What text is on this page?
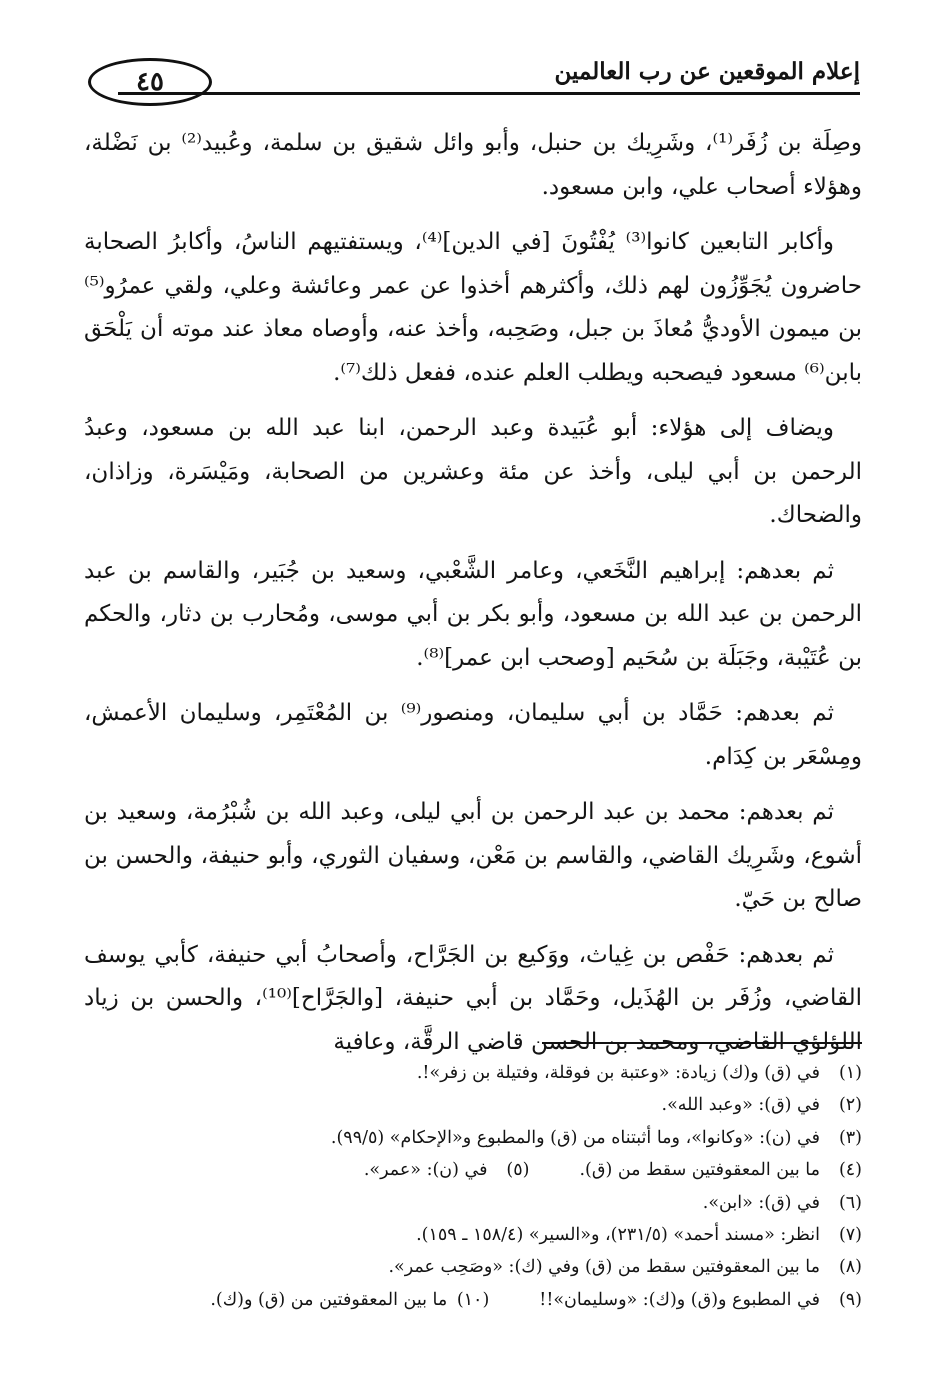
٤٥	إعلام الموقعين عن رب العالمين

وصِلَة بن زُفَر⁽¹⁾، وشَرِيك بن حنبل، وأبو وائل شقيق بن سلمة، وعُبيد⁽²⁾ بن نَضْلة، وهؤلاء أصحاب علي، وابن مسعود.

وأكابر التابعين كانوا⁽³⁾ يُفْتُونَ [في الدين]⁽⁴⁾، ويستفتيهم الناسُ، وأكابرُ الصحابة حاضرون يُجَوِّزُون لهم ذلك، وأكثرهم أخذوا عن عمر وعائشة وعلي، ولقي عمرُو⁽⁵⁾ بن ميمون الأوديُّ مُعاذَ بن جبل، وصَحِبه، وأخذ عنه، وأوصاه معاذ عند موته أن يَلْحَق بابن⁽⁶⁾ مسعود فيصحبه ويطلب العلم عنده، ففعل ذلك⁽⁷⁾.

ويضاف إلى هؤلاء: أبو عُبَيدة وعبد الرحمن، ابنا عبد الله بن مسعود، وعبدُ الرحمن بن أبي ليلى، وأخذ عن مئة وعشرين من الصحابة، ومَيْسَرة، وزاذان، والضحاك.

ثم بعدهم: إبراهيم النَّخَعي، وعامر الشَّعْبي، وسعيد بن جُبَير، والقاسم بن عبد الرحمن بن عبد الله بن مسعود، وأبو بكر بن أبي موسى، ومُحارب بن دثار، والحكم بن عُتَيْبة، وجَبَلَة بن سُحَيم [وصحب ابن عمر]⁽⁸⁾.

ثم بعدهم: حَمَّاد بن أبي سليمان، ومنصور⁽⁹⁾ بن المُعْتَمِر، وسليمان الأعمش، ومِسْعَر بن كِدَام.

ثم بعدهم: محمد بن عبد الرحمن بن أبي ليلى، وعبد الله بن شُبْرُمة، وسعيد بن أشوع، وشَرِيك القاضي، والقاسم بن مَعْن، وسفيان الثوري، وأبو حنيفة، والحسن بن صالح بن حَيّ.

ثم بعدهم: حَفْص بن غِياث، ووَكيع بن الجَرَّاح، وأصحابُ أبي حنيفة، كأبي يوسف القاضي، وزُفَر بن الهُذَيل، وحَمَّاد بن أبي حنيفة، [والجَرَّاح]⁽¹⁰⁾، والحسن بن زياد اللؤلؤي القاضي، ومحمد بن الحسن قاضي الرقَّة، وعافية

(١)
في (ق) و(ك) زيادة: «وعتبة بن فوقلة، وفتيلة بن زفر»!.
(٢)
في (ق): «وعبد الله».
(٣)
في (ن): «وكانوا»، وما أثبتناه من (ق) والمطبوع و«الإحكام» (٩٩/٥).
(٤)
ما بين المعقوفتين سقط من (ق).
(٥)
في (ن): «عمر».
(٦)
في (ق): «ابن».
(٧)
انظر: «مسند أحمد» (٢٣١/٥)، و«السير» (١٥٨/٤ ـ ١٥٩).
(٨)
ما بين المعقوفتين سقط من (ق) وفي (ك): «وصَحِب عمر».
(٩)
في المطبوع و(ق) و(ك): «وسليمان»!!
(١٠)
ما بين المعقوفتين من (ق) و(ك).
